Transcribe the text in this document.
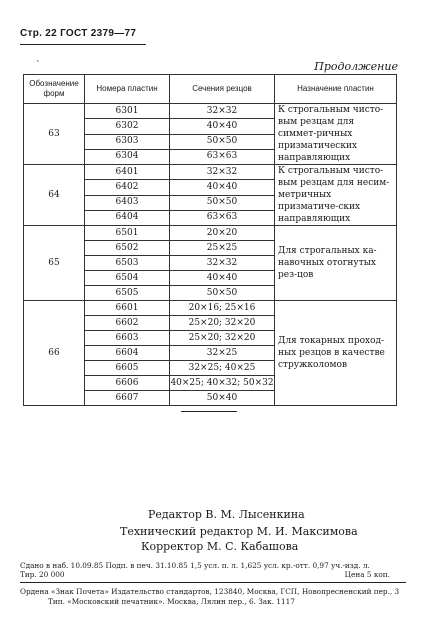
Стр. 22 ГОСТ 2379—77
`	Продолжение
Обозначение форм	Номера пластин	Сечения резцов	Назначение пластин
63	6301	32×32	К строгальным чисто-вым резцам для симмет-ричных призматических направляющих
	6302	40×40	
	6303	50×50	
	6304	63×63	
64	6401	32×32	К строгальным чисто-вым резцам для несим-метричных призматиче-ских направляющих
	6402	40×40	
	6403	50×50	
	6404	63×63	
65	6501	20×20	Для строгальных ка-навочных отогнутых рез-цов
	6502	25×25	
	6503	32×32	
	6504	40×40	
	6505	50×50	
66	6601	20×16; 25×16	Для токарных проход-ных резцов в качестве стружколомов
	6602	25×20; 32×20	
	6603	25×20; 32×20	
	6604	32×25	
	6605	32×25; 40×25	
	6606	40×25; 40×32; 50×32	
	6607	50×40	
Редактор В. М. Лысенкина
Технический редактор М. И. Максимова
Корректор М. С. Кабашова
Сдано в наб. 10.09.85 Подп. в печ. 31.10.85 1,5 усл. п. л. 1,625 усл. кр.-отт. 0,97 уч.-изд. л.
Тир. 20 000	Цена 5 коп.
Ордена «Знак Почета» Издательство стандартов, 123840, Москва, ГСП, Новопресненский пер., 3
Тип. «Московский печатник». Москва, Лялин пер., 6. Зак. 1117
